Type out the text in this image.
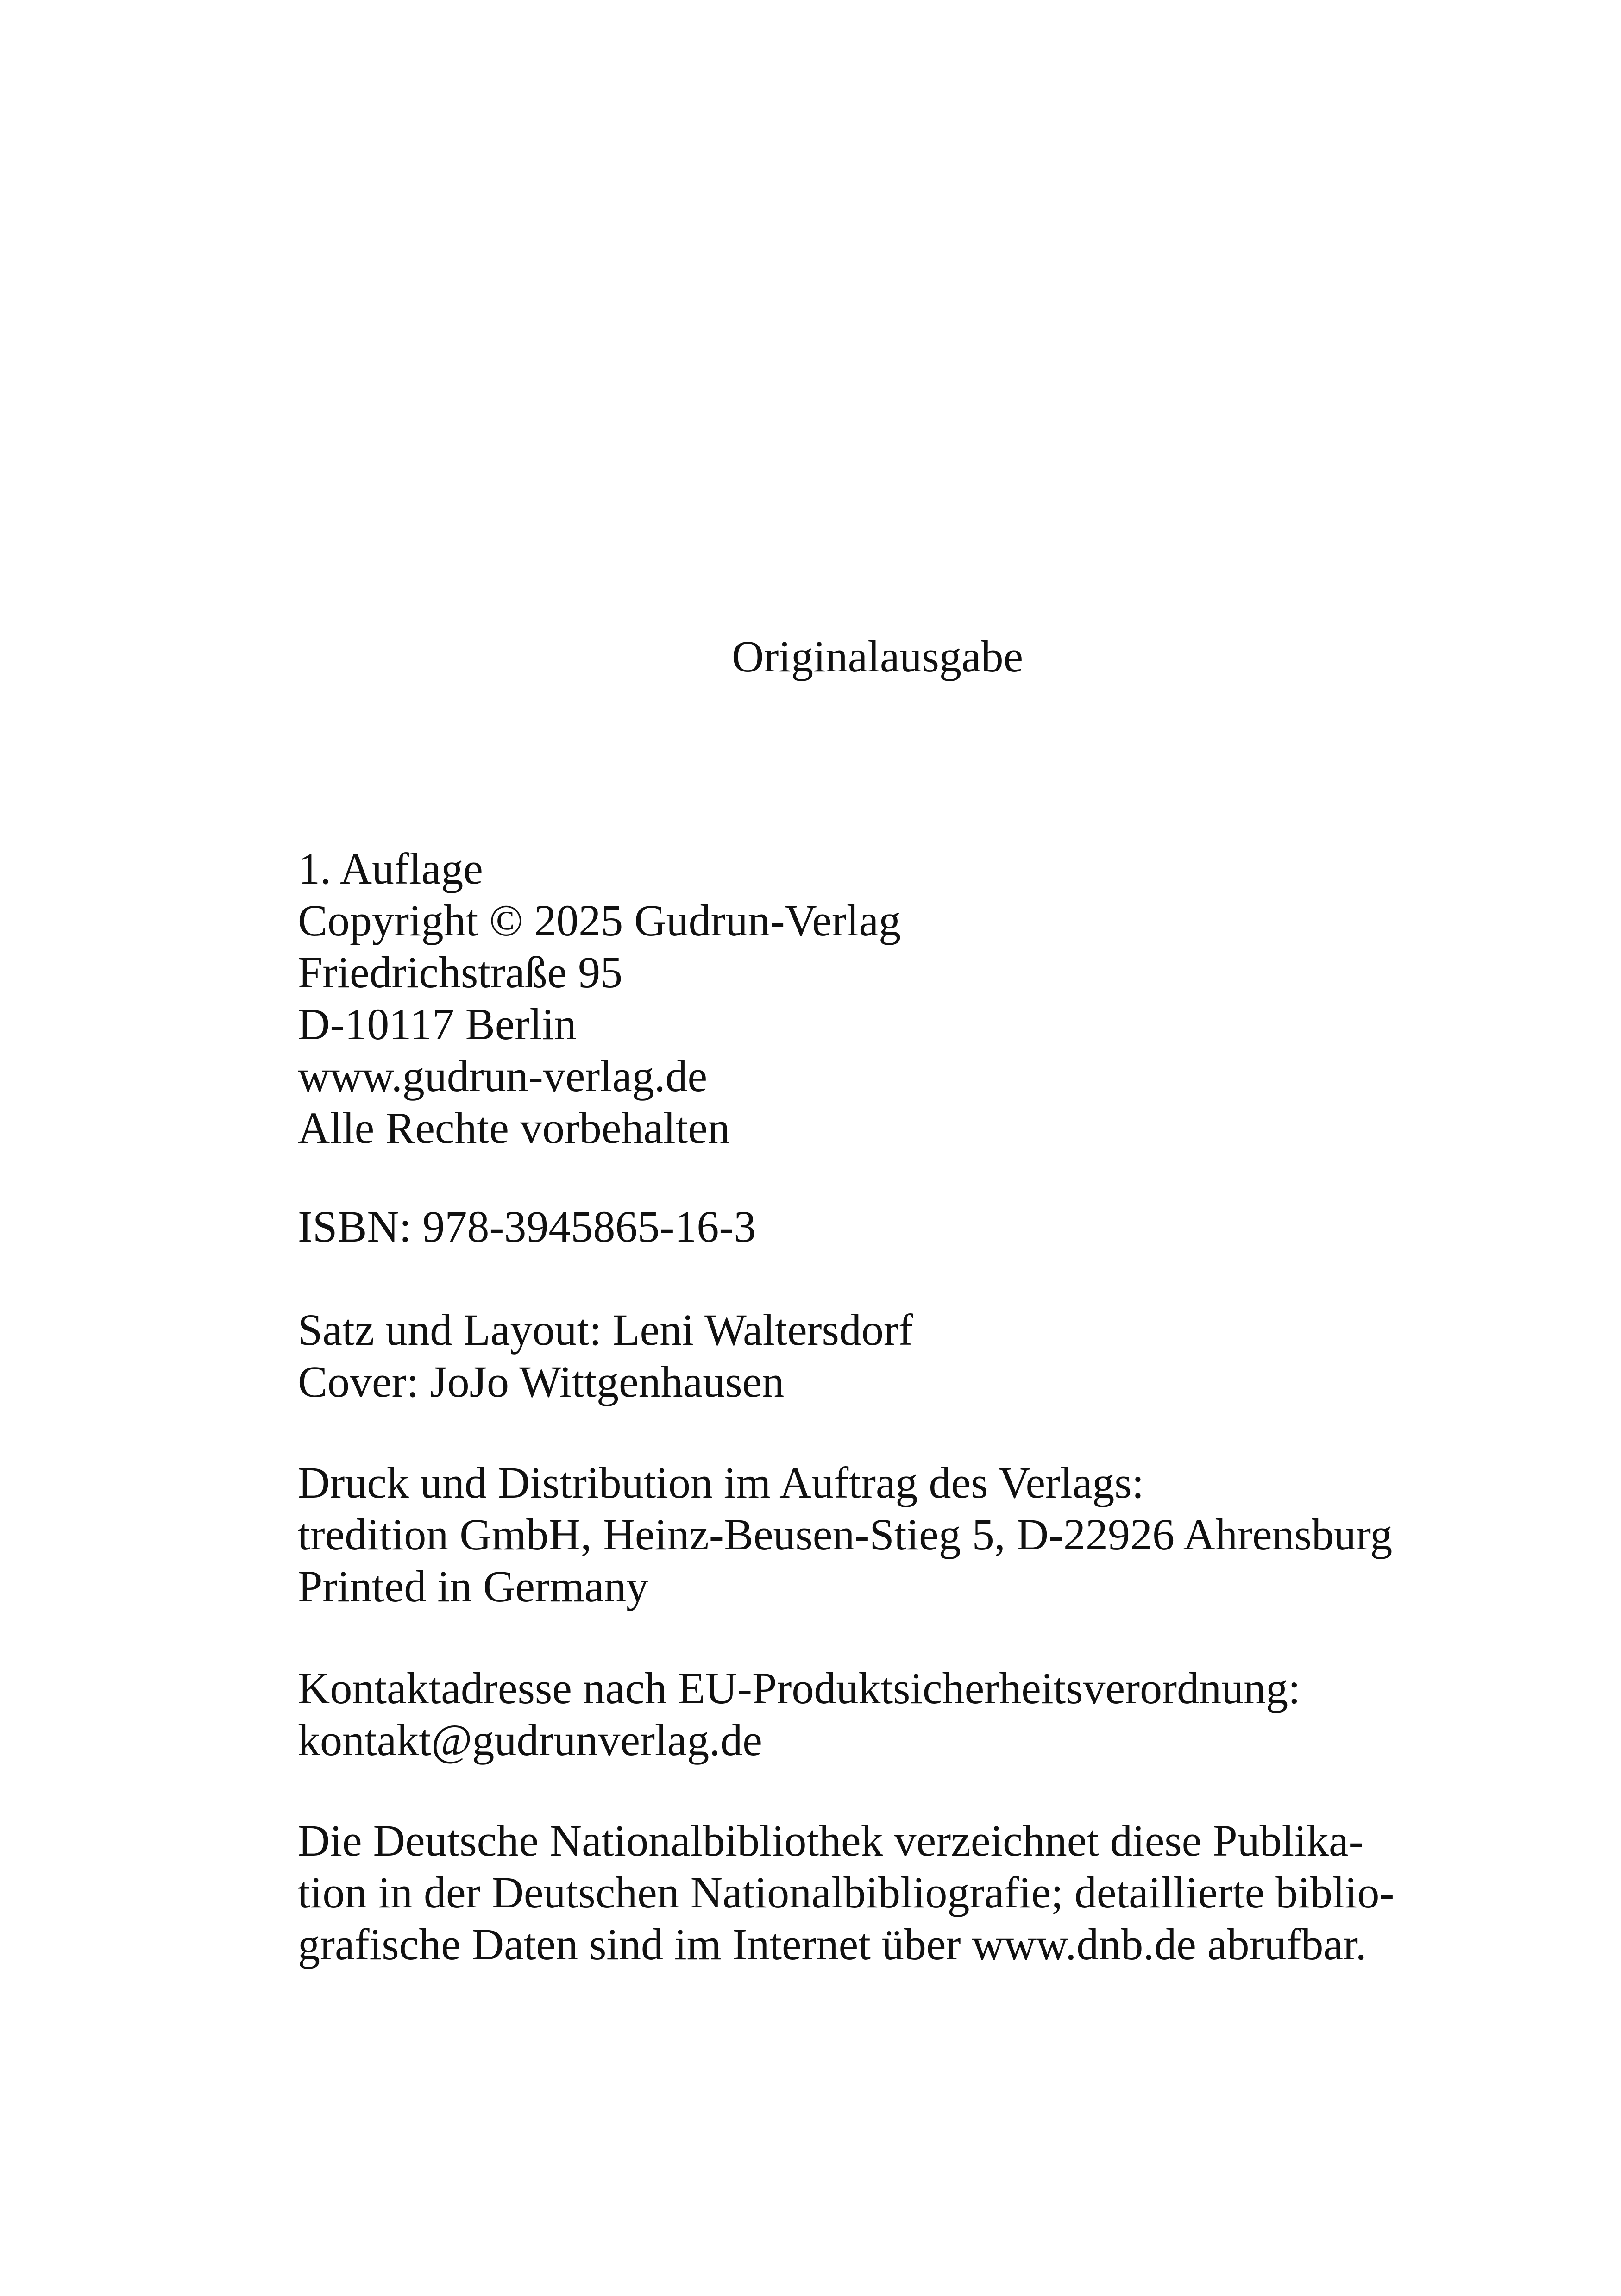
Originalausgabe
1. Auflage
Copyright © 2025 Gudrun-Verlag
Friedrichstraße 95
D-10117 Berlin
www.gudrun-verlag.de
Alle Rechte vorbehalten
ISBN: 978-3945865-16-3
Satz und Layout: Leni Waltersdorf
Cover: JoJo Wittgenhausen
Druck und Distribution im Auftrag des Verlags:
tredition GmbH, Heinz-Beusen-Stieg 5, D-22926 Ahrensburg
Printed in Germany
Kontaktadresse nach EU-Produktsicherheitsverordnung:
kontakt@gudrunverlag.de
Die Deutsche Nationalbibliothek verzeichnet diese Publika-
tion in der Deutschen Nationalbibliografie; detaillierte biblio-
grafische Daten sind im Internet über www.dnb.de abrufbar.
